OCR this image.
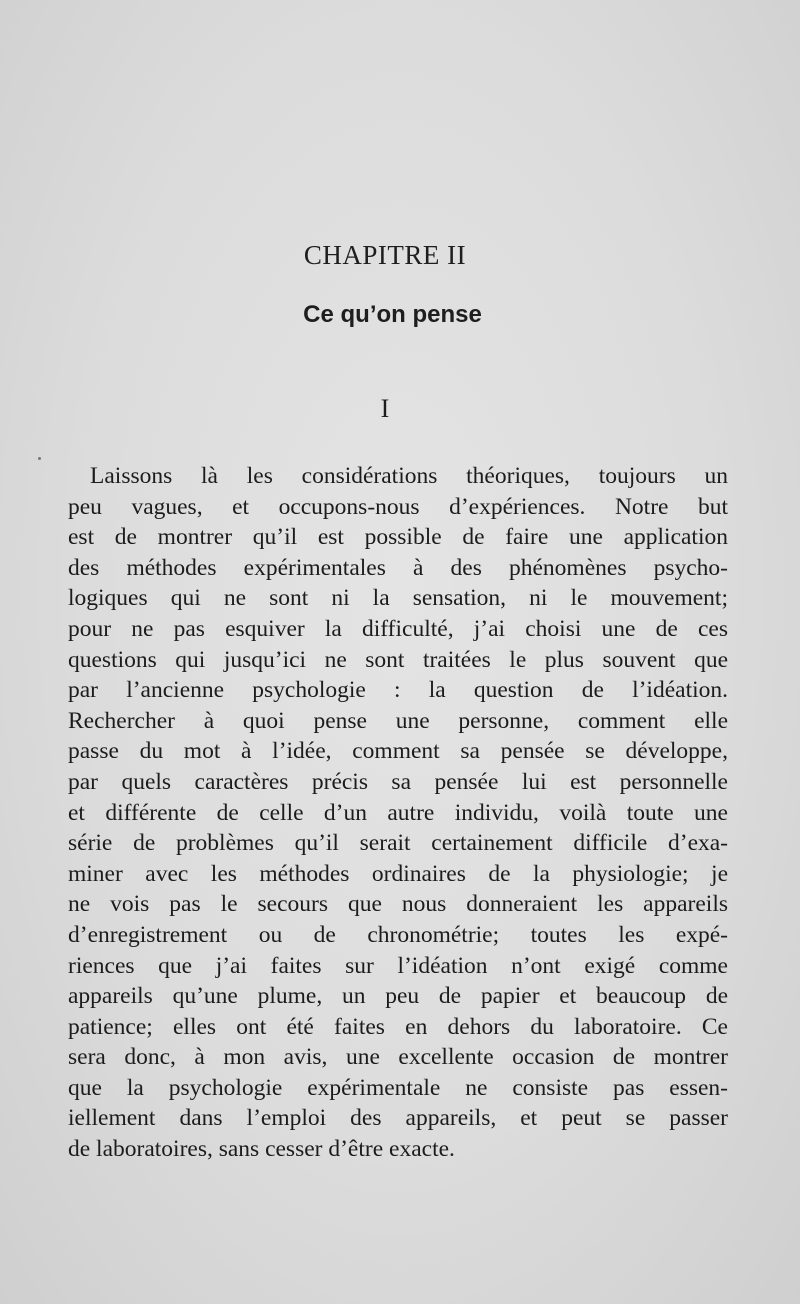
CHAPITRE II
Ce qu’on pense
I
Laissons là les considérations théoriques, toujours un
peu vagues, et occupons-nous d’expériences. Notre but
est de montrer qu’il est possible de faire une application
des méthodes expérimentales à des phénomènes psycho-
logiques qui ne sont ni la sensation, ni le mouvement;
pour ne pas esquiver la difficulté, j’ai choisi une de ces
questions qui jusqu’ici ne sont traitées le plus souvent que
par l’ancienne psychologie : la question de l’idéation.
Rechercher à quoi pense une personne, comment elle
passe du mot à l’idée, comment sa pensée se développe,
par quels caractères précis sa pensée lui est personnelle
et différente de celle d’un autre individu, voilà toute une
série de problèmes qu’il serait certainement difficile d’exa-
miner avec les méthodes ordinaires de la physiologie; je
ne vois pas le secours que nous donneraient les appareils
d’enregistrement ou de chronométrie; toutes les expé-
riences que j’ai faites sur l’idéation n’ont exigé comme
appareils qu’une plume, un peu de papier et beaucoup de
patience; elles ont été faites en dehors du laboratoire. Ce
sera donc, à mon avis, une excellente occasion de montrer
que la psychologie expérimentale ne consiste pas essen-
iellement dans l’emploi des appareils, et peut se passer
de laboratoires, sans cesser d’être exacte.
